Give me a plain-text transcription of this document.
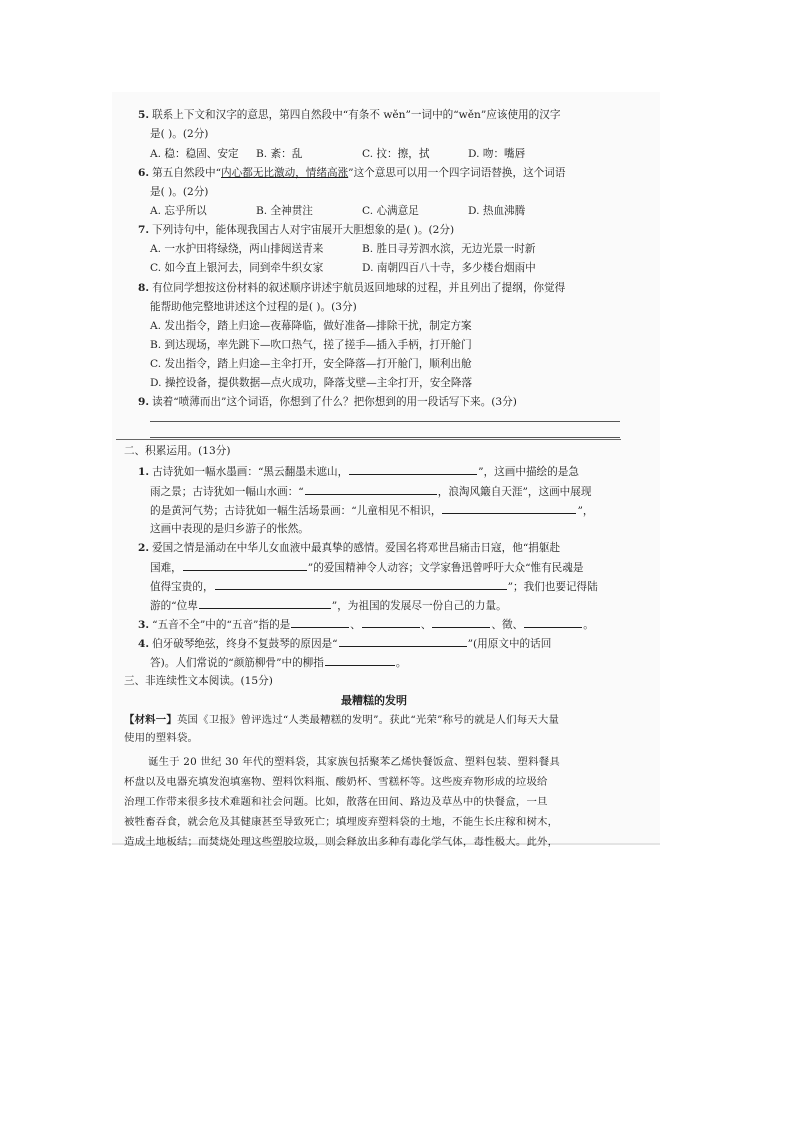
5. 联系上下文和汉字的意思，第四自然段中“有条不 wěn”一词中的“wěn”应该使用的汉字
是( )。(2分)
A. 稳：稳固、安定 B. 紊：乱	C. 抆：擦，拭	D. 吻：嘴唇
6. 第五自然段中“内心都无比激动，情绪高涨”这个意思可以用一个四字词语替换，这个词语
是( )。(2分)
A. 忘乎所以	B. 全神贯注	C. 心满意足	D. 热血沸腾
7. 下列诗句中，能体现我国古人对宇宙展开大胆想象的是( )。(2分)
A. 一水护田将绿绕，两山排闼送青来	B. 胜日寻芳泗水滨，无边光景一时新
C. 如今直上银河去，同到牵牛织女家	D. 南朝四百八十寺，多少楼台烟雨中
8. 有位同学想按这份材料的叙述顺序讲述宇航员返回地球的过程，并且列出了提纲，你觉得
能帮助他完整地讲述这个过程的是( )。(3分)
A. 发出指令，踏上归途—夜幕降临，做好准备—排除干扰，制定方案
B. 到达现场，率先跳下—吹口热气，搓了搓手—插入手柄，打开舱门
C. 发出指令，踏上归途—主伞打开，安全降落—打开舱门，顺利出舱
D. 操控设备，提供数据—点火成功，降落戈壁—主伞打开，安全降落
9. 读着“喷薄而出”这个词语，你想到了什么？把你想到的用一段话写下来。(3分)
二、积累运用。(13分)
1. 古诗犹如一幅水墨画：“黑云翻墨未遮山，	”，这画中描绘的是急
雨之景；古诗犹如一幅山水画：“	，浪淘风簸自天涯”，这画中展现
的是黄河气势；古诗犹如一幅生活场景画：“儿童相见不相识，	”，
这画中表现的是归乡游子的怅然。
2. 爱国之情是涌动在中华儿女血液中最真挚的感情。爱国名将邓世昌痛击日寇，他“捐躯赴
国难，	”的爱国精神令人动容；文学家鲁迅曾呼吁大众“惟有民魂是
值得宝贵的，	”；我们也要记得陆
游的“位卑	”，为祖国的发展尽一份自己的力量。
3. “五音不全”中的“五音”指的是	、	、	、徵、	。
4. 伯牙破琴绝弦，终身不复鼓琴的原因是“	”(用原文中的话回
答)。人们常说的“颜筋柳骨”中的柳指	。
三、非连续性文本阅读。(15分)
最糟糕的发明
【材料一】英国《卫报》曾评选过“人类最糟糕的发明”。获此“光荣”称号的就是人们每天大量
使用的塑料袋。
诞生于 20 世纪 30 年代的塑料袋，其家族包括聚苯乙烯快餐饭盒、塑料包装、塑料餐具
杯盘以及电器充填发泡填塞物、塑料饮料瓶、酸奶杯、雪糕杯等。这些废弃物形成的垃圾给
治理工作带来很多技术难题和社会问题。比如，散落在田间、路边及草丛中的快餐盒，一旦
被牲畜吞食，就会危及其健康甚至导致死亡；填埋废弃塑料袋的土地，不能生长庄稼和树木，
造成土地板结；而焚烧处理这些塑胶垃圾，则会释放出多种有毒化学气体，毒性极大。此外，
